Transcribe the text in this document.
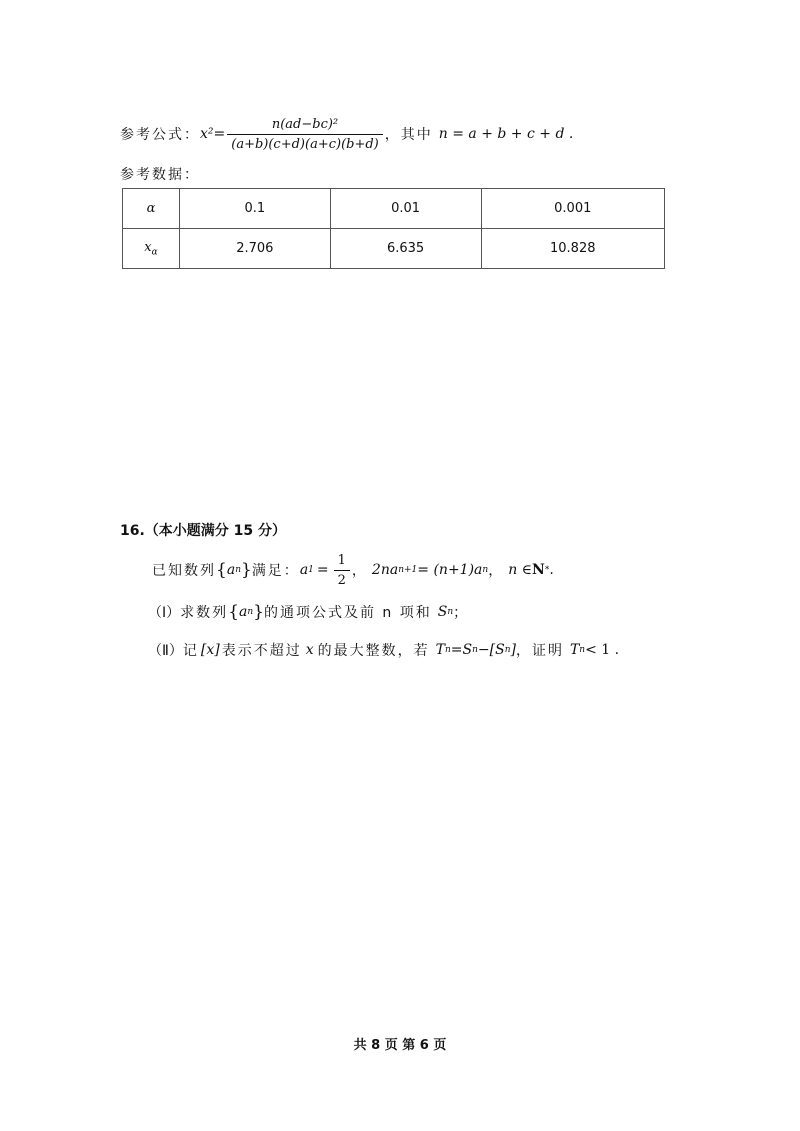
参考公式： $x^2= \frac{\text{n(ad−bc)²}}{(a+b)(c+d)(a+c)(b+d)}$ ，其中 n = a + b + c + d .
参考数据：
α	0.1	0.01	0.001
$x_\alpha$	2.706	6.635	10.828
16.（本小题满分 15 分）
已知数列 { a n } 满足： a $1 = \frac{1}{2}$ ， 2na n+1 = (n+1)a n ， n ∈ N * .
（Ⅰ） 求数列 { a n } 的通项公式及前 n 项和 S n ；
（Ⅱ） 记 [x] 表示不超过 x 的最大整数，若 T n =S n −[S n ] ，证明 T n < 1 .
共 8 页 第 6 页
